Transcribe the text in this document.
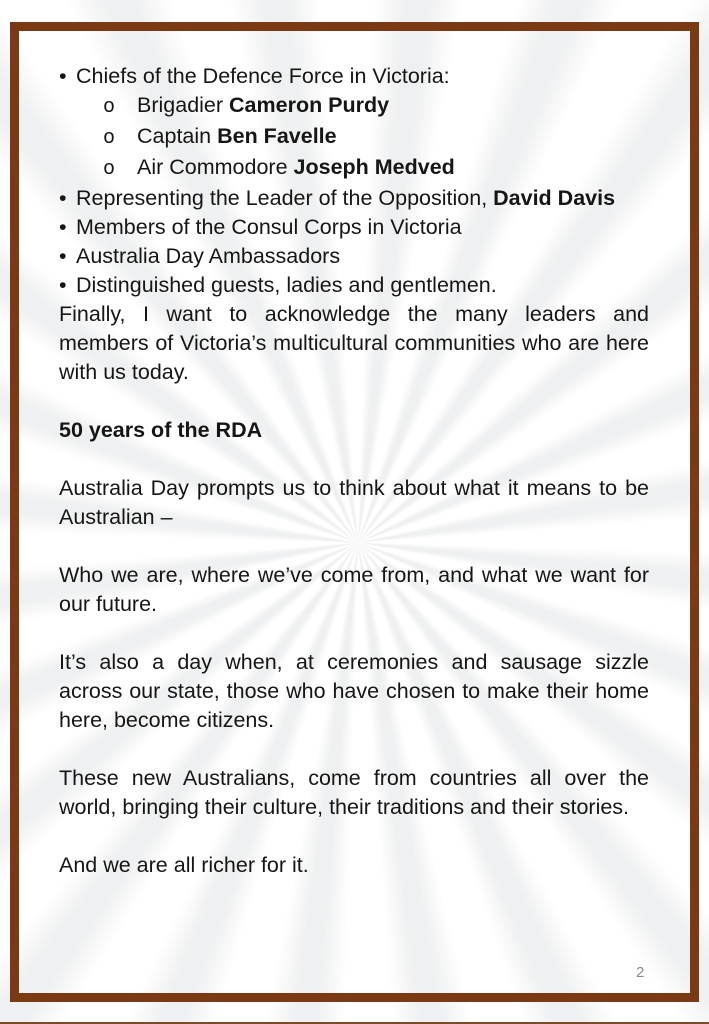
• Chiefs of the Defence Force in Victoria:
o Brigadier Cameron Purdy
o Captain Ben Favelle
o Air Commodore Joseph Medved
• Representing the Leader of the Opposition, David Davis
• Members of the Consul Corps in Victoria
• Australia Day Ambassadors
• Distinguished guests, ladies and gentlemen.
Finally, I want to acknowledge the many leaders and members of Victoria’s multicultural communities who are here with us today.
50 years of the RDA
Australia Day prompts us to think about what it means to be Australian –
Who we are, where we’ve come from, and what we want for our future.
It’s also a day when, at ceremonies and sausage sizzle across our state, those who have chosen to make their home here, become citizens.
These new Australians, come from countries all over the world, bringing their culture, their traditions and their stories.
And we are all richer for it.
2
